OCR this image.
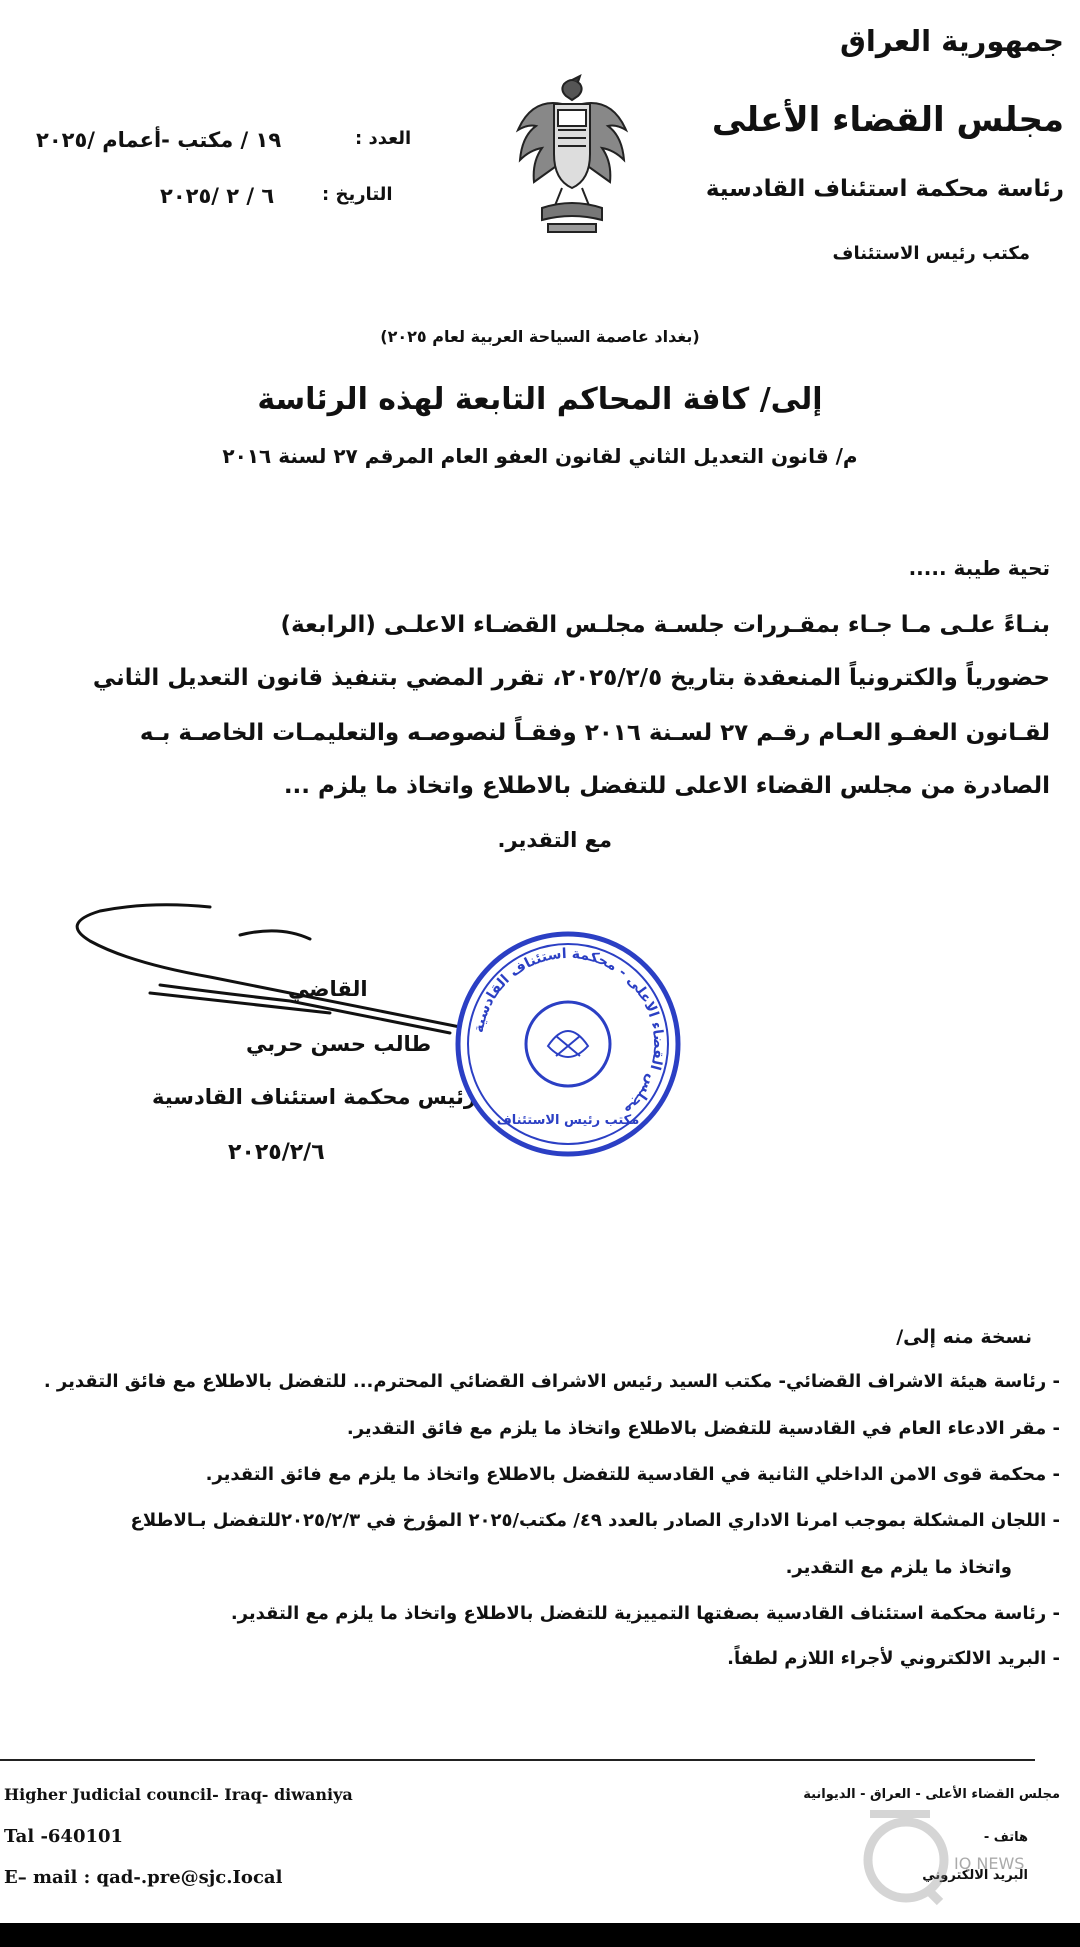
جمهورية العراق
مجلس القضاء الأعلى
رئاسة محكمة استئناف القادسية
مكتب رئيس الاستئناف
العدد :
١٩ / مكتب -أعمام /٢٠٢٥
التاريخ :
٦ / ٢ /٢٠٢٥
(بغداد عاصمة السياحة العربية لعام ٢٠٢٥)
إلى/ كافة المحاكم التابعة لهذه الرئاسة
م/ قانون التعديل الثاني لقانون العفو العام المرقم ٢٧ لسنة ٢٠١٦
تحية طيبة .....
بنـاءً علـى مـا جـاء بمقـررات جلسـة مجلـس القضـاء الاعلـى (الرابعة)
حضورياً والكترونياً المنعقدة بتاريخ ٢٠٢٥/٢/٥، تقرر المضي بتنفيذ قانون التعديل الثاني
لقـانون العفـو العـام رقـم ٢٧ لسـنة ٢٠١٦ وفقـاً لنصوصـه والتعليمـات الخاصـة بـه
الصادرة من مجلس القضاء الاعلى للتفضل بالاطلاع واتخاذ ما يلزم ...
مع التقدير.
القاضي
طالب حسن حربي
رئيس محكمة استئناف القادسية
٢٠٢٥/٢/٦
مجلس القضاء الاعلى - محكمة استئناف القادسية
مكتب رئيس الاستئناف
نسخة منه إلى/
- رئاسة هيئة الاشراف القضائي- مكتب السيد رئيس الاشراف القضائي المحترم... للتفضل بالاطلاع مع فائق التقدير .
- مقر الادعاء العام في القادسية للتفضل بالاطلاع واتخاذ ما يلزم مع فائق التقدير.
- محكمة قوى الامن الداخلي الثانية في القادسية للتفضل بالاطلاع واتخاذ ما يلزم مع فائق التقدير.
- اللجان المشكلة بموجب امرنا الاداري الصادر بالعدد ٤٩/ مكتب/٢٠٢٥ المؤرخ في ٢٠٢٥/٢/٣للتفضل بـالاطلاع
واتخاذ ما يلزم مع التقدير.
- رئاسة محكمة استئناف القادسية بصفتها التمييزية للتفضل بالاطلاع واتخاذ ما يلزم مع التقدير.
- البريد الالكتروني لأجراء اللازم لطفاً.
Higher Judicial council- Iraq- diwaniya
Tal -640101
E– mail : qad-.pre@sjc.Iocal
مجلس القضاء الأعلى - العراق - الديوانية
هاتف -
البريد الالكتروني
IQ NEWS
